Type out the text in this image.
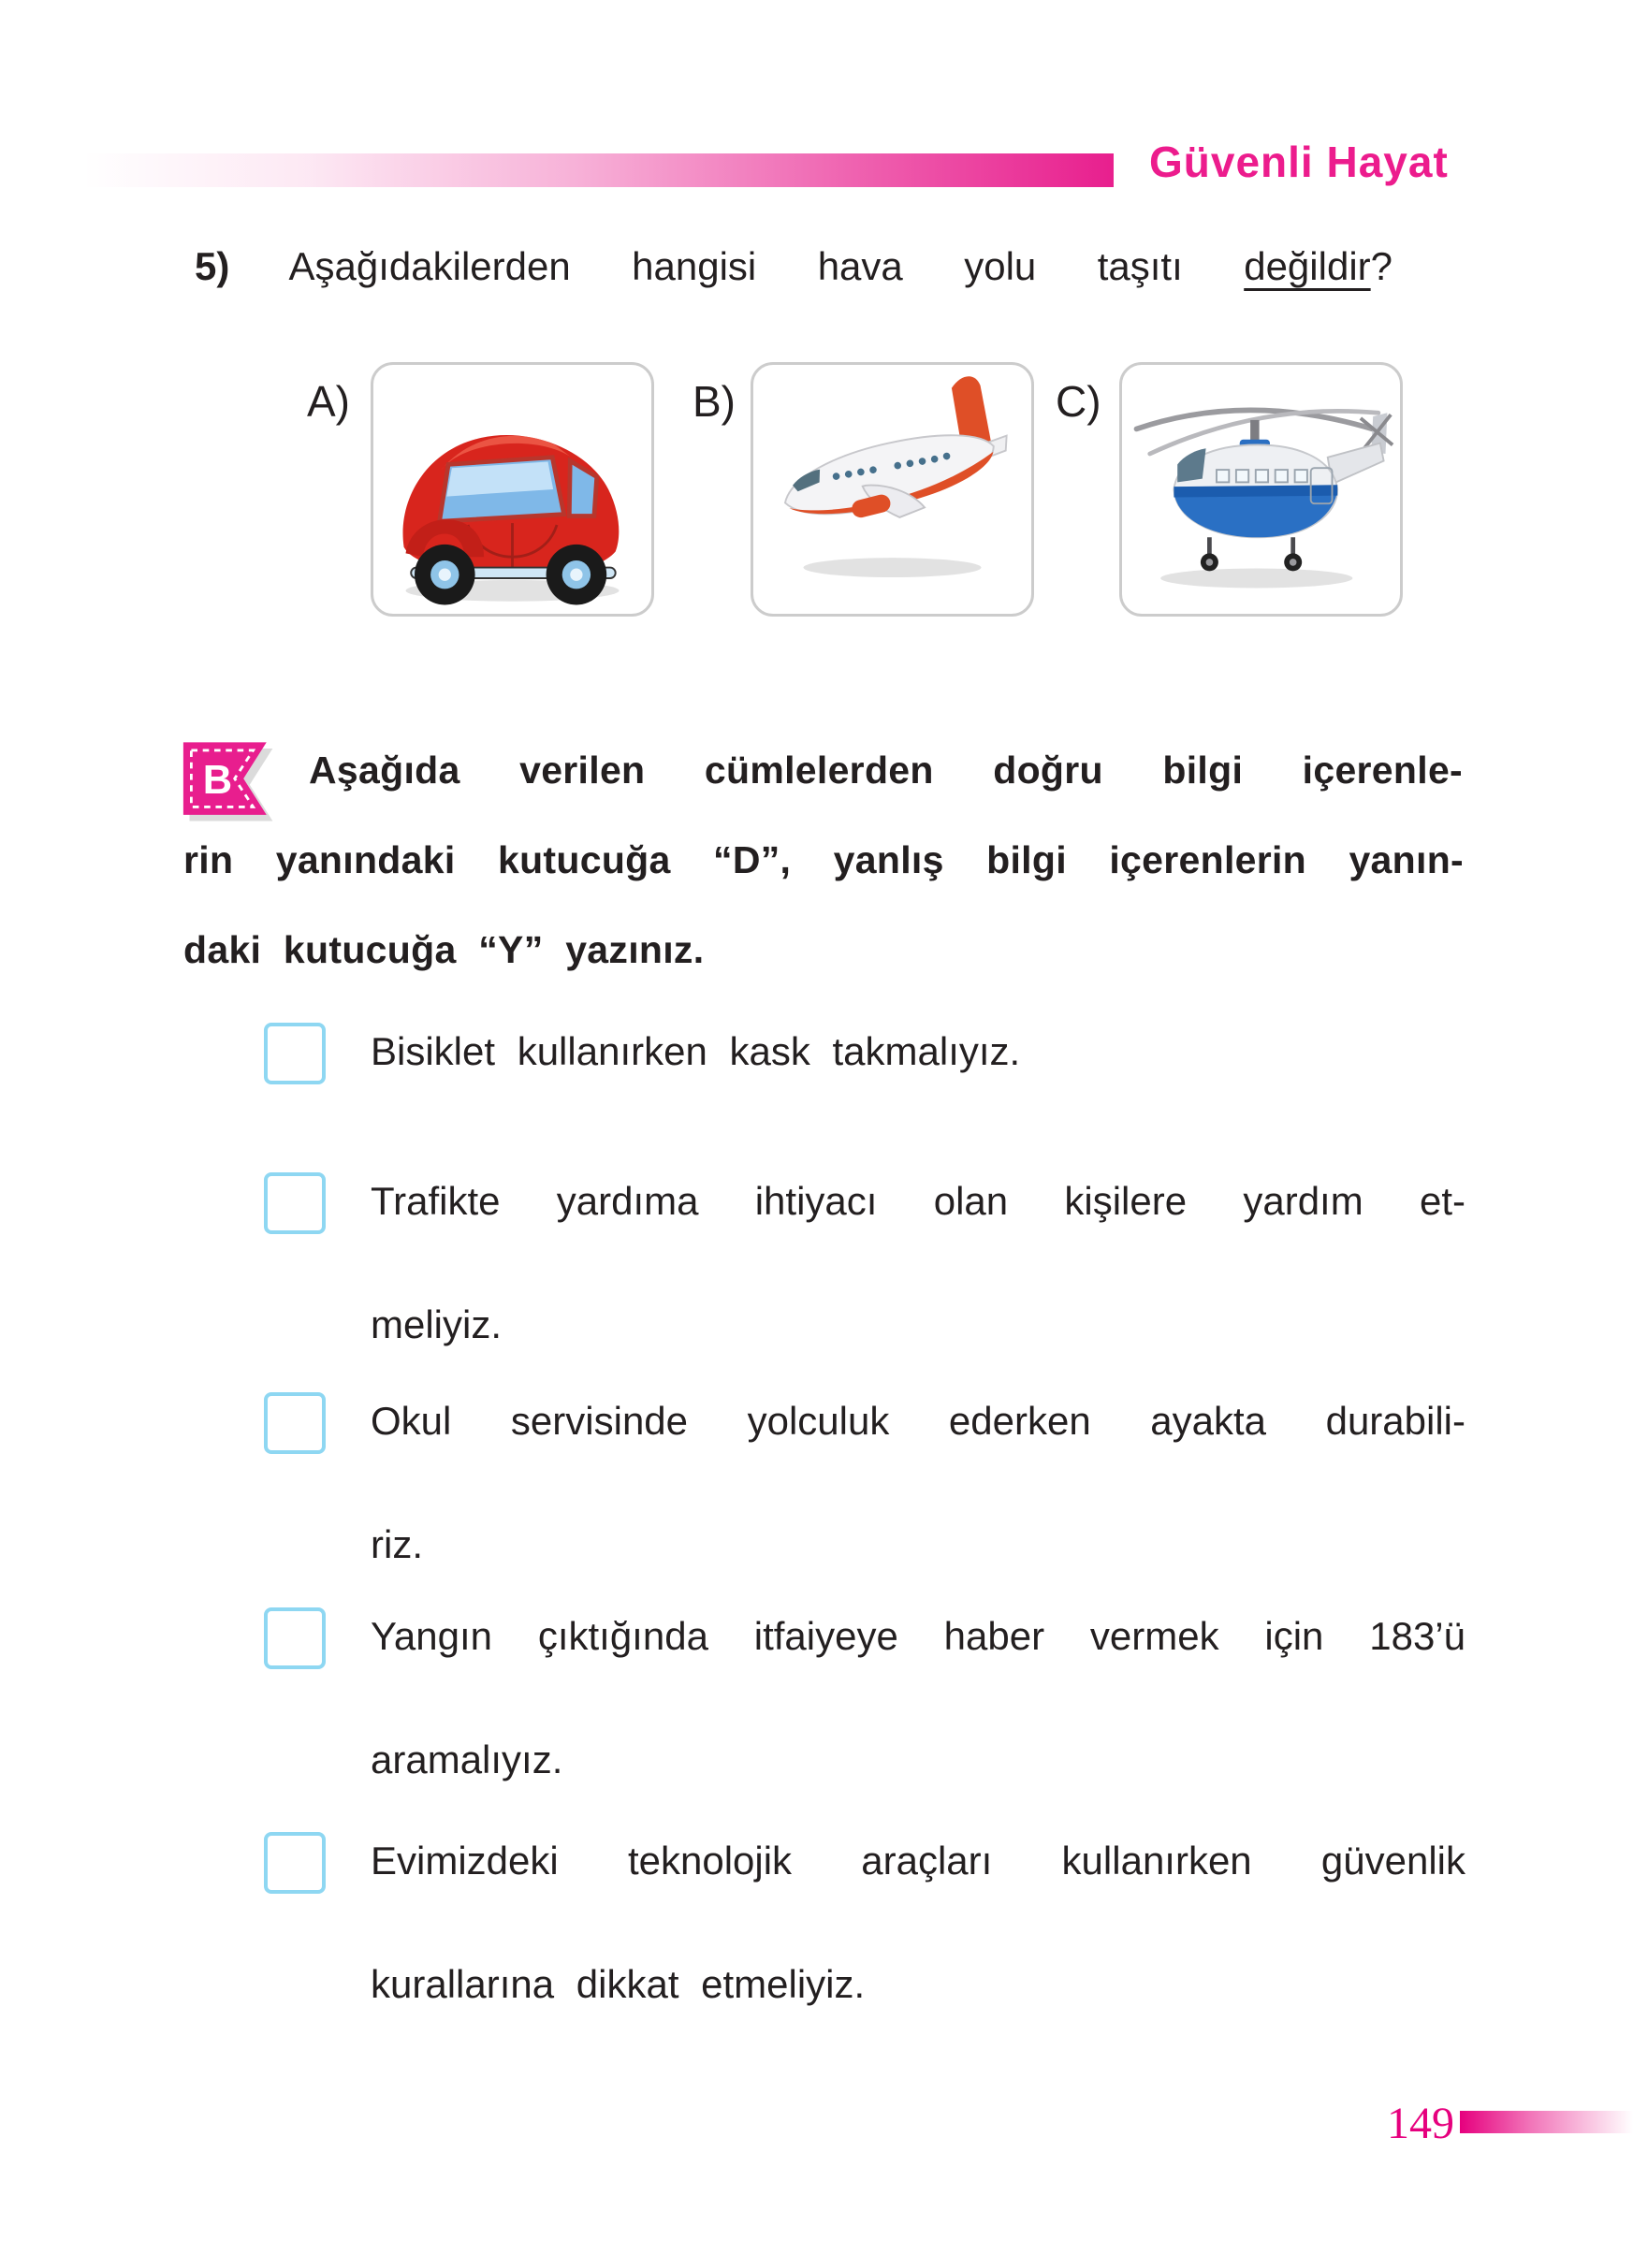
Güvenli Hayat
5) Aşağıdakilerden hangisi hava yolu taşıtı değildir?
A)	B)	C)
B Aşağıda verilen cümlelerden doğru bilgi içerenle-
rin yanındaki kutucuğa “D”, yanlış bilgi içerenlerin yanın-
daki kutucuğa “Y” yazınız.
Bisiklet kullanırken kask takmalıyız.
Trafikte yardıma ihtiyacı olan kişilere yardım et-
meliyiz.
Okul servisinde yolculuk ederken ayakta durabili-
riz.
Yangın çıktığında itfaiyeye haber vermek için 183’ü
aramalıyız.
Evimizdeki teknolojik araçları kullanırken güvenlik
kurallarına dikkat etmeliyiz.
149
